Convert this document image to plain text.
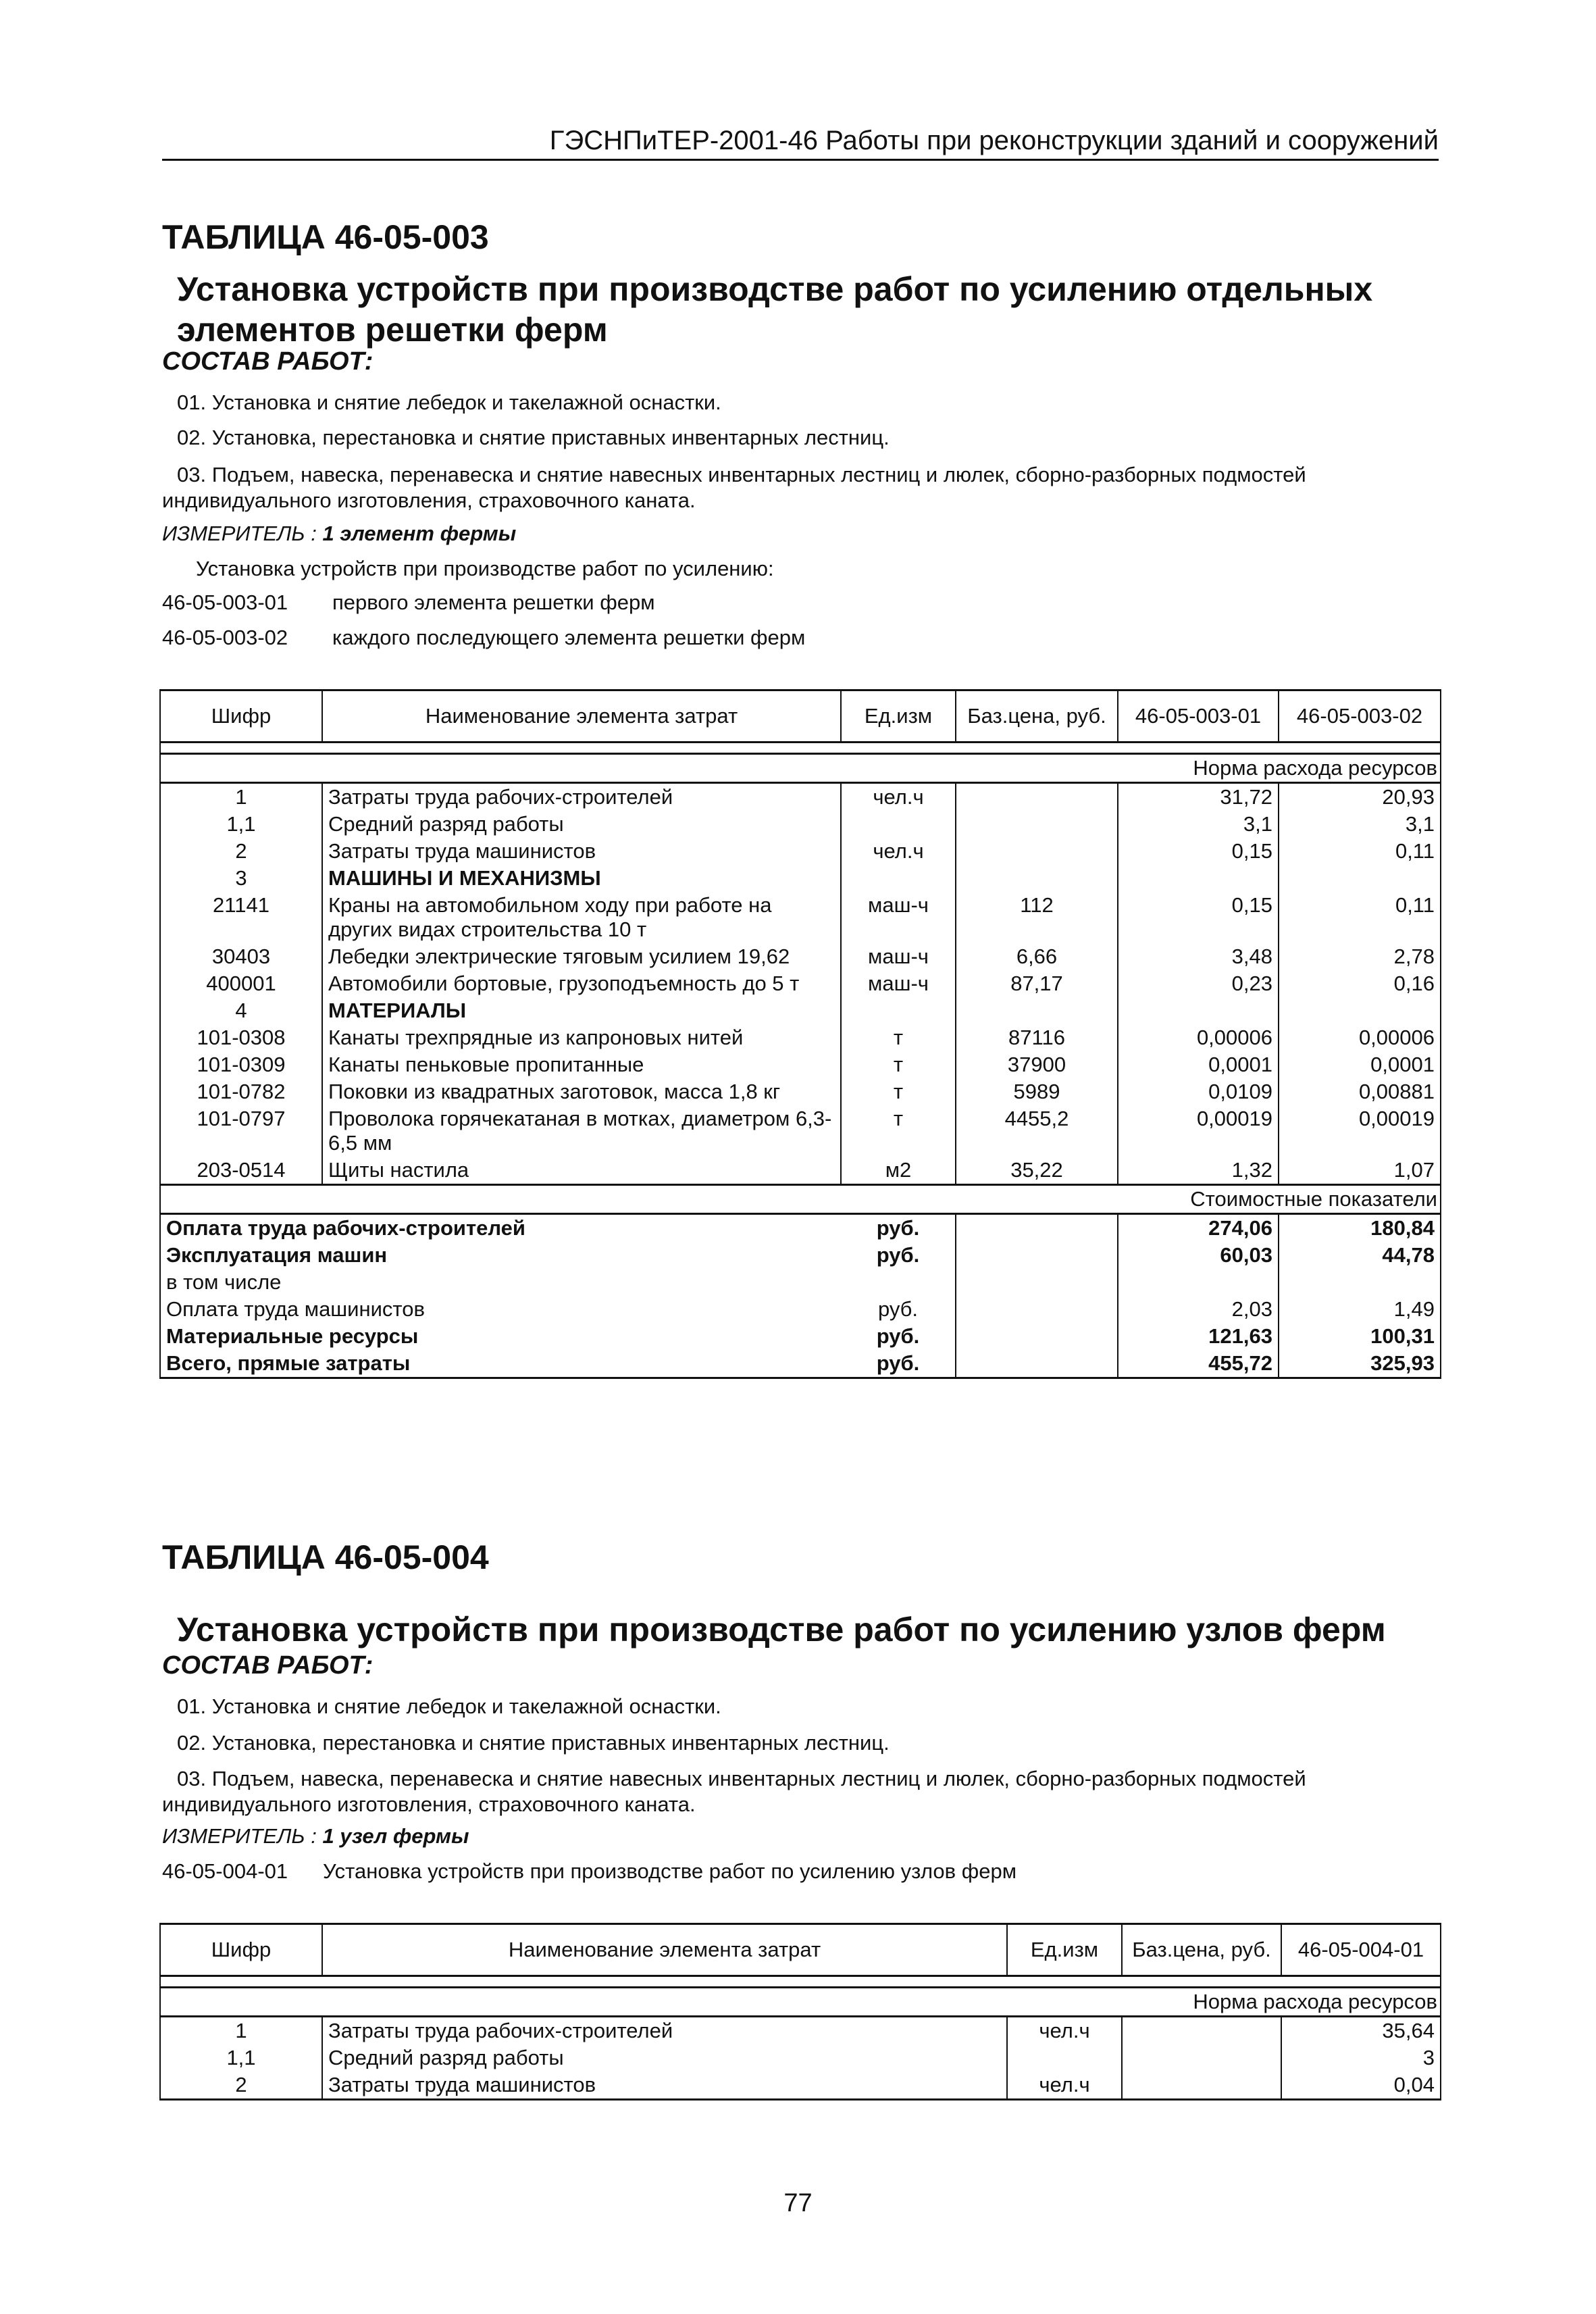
ГЭСНПиТЕР-2001-46 Работы при реконструкции зданий и сооружений
ТАБЛИЦА 46-05-003
Установка устройств при производстве работ по усилению отдельных элементов решетки ферм
СОСТАВ РАБОТ:
01. Установка и снятие лебедок и такелажной оснастки.
02. Установка, перестановка и снятие приставных инвентарных лестниц.
03. Подъем, навеска, перенавеска и снятие навесных инвентарных лестниц и люлек, сборно-разборных подмостей индивидуального изготовления, страховочного каната.
ИЗМЕРИТЕЛЬ : 1 элемент фермы
Установка устройств при производстве работ по усилению:
46-05-003-01 первого элемента решетки ферм
46-05-003-02 каждого последующего элемента решетки ферм
Шифр	Наименование элемента затрат	Ед.изм	Баз.цена, руб.	46-05-003-01	46-05-003-02

Норма расхода ресурсов					
1	Затраты труда рабочих-строителей	чел.ч		31,72	20,93
1,1	Средний разряд работы			3,1	3,1
2	Затраты труда машинистов	чел.ч		0,15	0,11
3	МАШИНЫ И МЕХАНИЗМЫ				
21141	Краны на автомобильном ходу при работе на других видах строительства 10 т	маш-ч	112	0,15	0,11
30403	Лебедки электрические тяговым усилием 19,62	маш-ч	6,66	3,48	2,78
400001	Автомобили бортовые, грузоподъемность до 5 т	маш-ч	87,17	0,23	0,16
4	МАТЕРИАЛЫ				
101-0308	Канаты трехпрядные из капроновых нитей	т	87116	0,00006	0,00006
101-0309	Канаты пеньковые пропитанные	т	37900	0,0001	0,0001
101-0782	Поковки из квадратных заготовок, масса 1,8 кг	т	5989	0,0109	0,00881
101-0797	Проволока горячекатаная в мотках, диаметром 6,3-6,5 мм	т	4455,2	0,00019	0,00019
203-0514	Щиты настила	м2	35,22	1,32	1,07
Стоимостные показатели					
Оплата труда рабочих-строителей		руб.		274,06	180,84
Эксплуатация машин		руб.		60,03	44,78
в том числе					
Оплата труда машинистов		руб.		2,03	1,49
Материальные ресурсы		руб.		121,63	100,31
Всего, прямые затраты		руб.		455,72	325,93
ТАБЛИЦА 46-05-004
Установка устройств при производстве работ по усилению узлов ферм
СОСТАВ РАБОТ:
01. Установка и снятие лебедок и такелажной оснастки.
02. Установка, перестановка и снятие приставных инвентарных лестниц.
03. Подъем, навеска, перенавеска и снятие навесных инвентарных лестниц и люлек, сборно-разборных подмостей индивидуального изготовления, страховочного каната.
ИЗМЕРИТЕЛЬ : 1 узел фермы
46-05-004-01 Установка устройств при производстве работ по усилению узлов ферм
Шифр	Наименование элемента затрат	Ед.изм	Баз.цена, руб.	46-05-004-01

Норма расхода ресурсов				
1	Затраты труда рабочих-строителей	чел.ч		35,64
1,1	Средний разряд работы			3
2	Затраты труда машинистов	чел.ч		0,04
77
